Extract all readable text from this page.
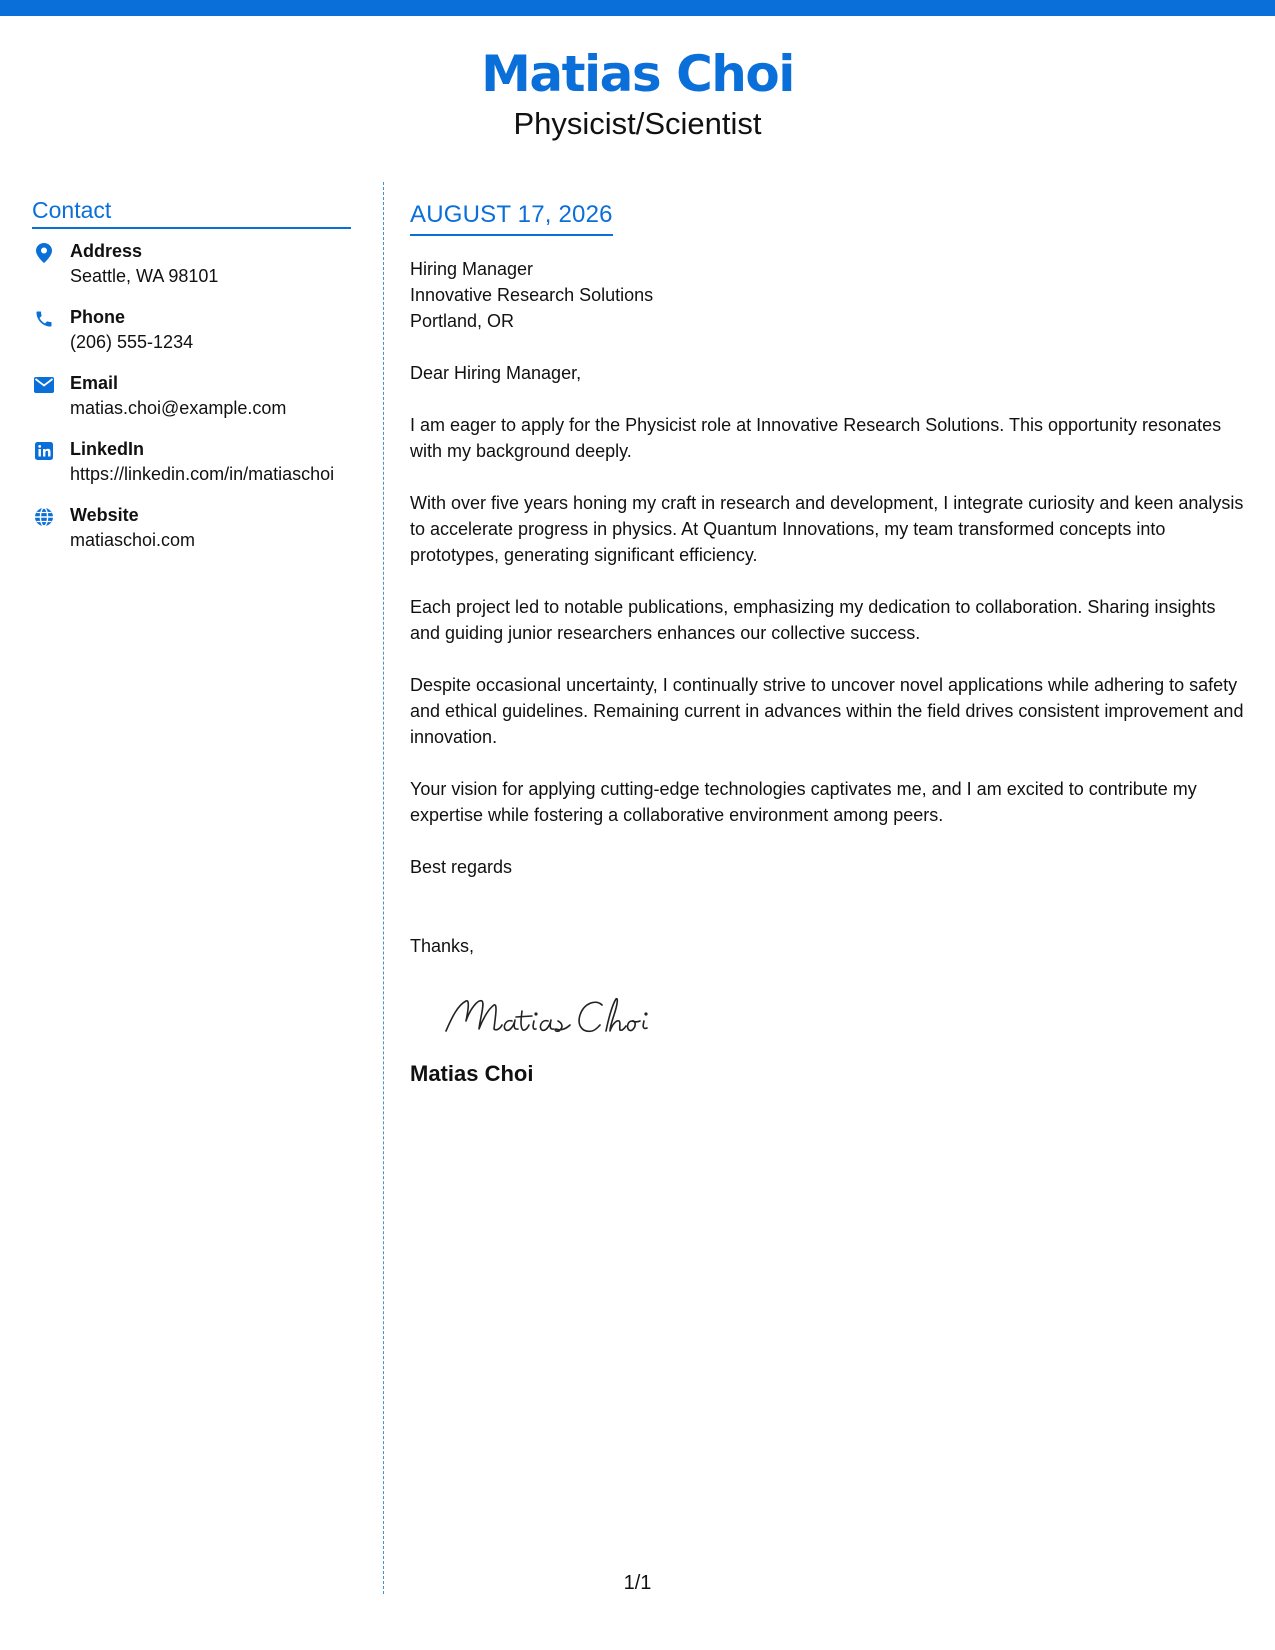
Matias Choi
Physicist/Scientist
Contact
Address
Seattle, WA 98101
Phone
(206) 555-1234
Email
matias.choi@example.com
LinkedIn
https://linkedin.com/in/matiaschoi
Website
matiaschoi.com
AUGUST 17, 2026
Hiring Manager
Innovative Research Solutions
Portland, OR
Dear Hiring Manager,
I am eager to apply for the Physicist role at Innovative Research Solutions. This opportunity resonates with my background deeply.
With over five years honing my craft in research and development, I integrate curiosity and keen analysis to accelerate progress in physics. At Quantum Innovations, my team transformed concepts into prototypes, generating significant efficiency.
Each project led to notable publications, emphasizing my dedication to collaboration. Sharing insights and guiding junior researchers enhances our collective success.
Despite occasional uncertainty, I continually strive to uncover novel applications while adhering to safety and ethical guidelines. Remaining current in advances within the field drives consistent improvement and innovation.
Your vision for applying cutting-edge technologies captivates me, and I am excited to contribute my expertise while fostering a collaborative environment among peers.
Best regards
Thanks,
Matias Choi
1/1
